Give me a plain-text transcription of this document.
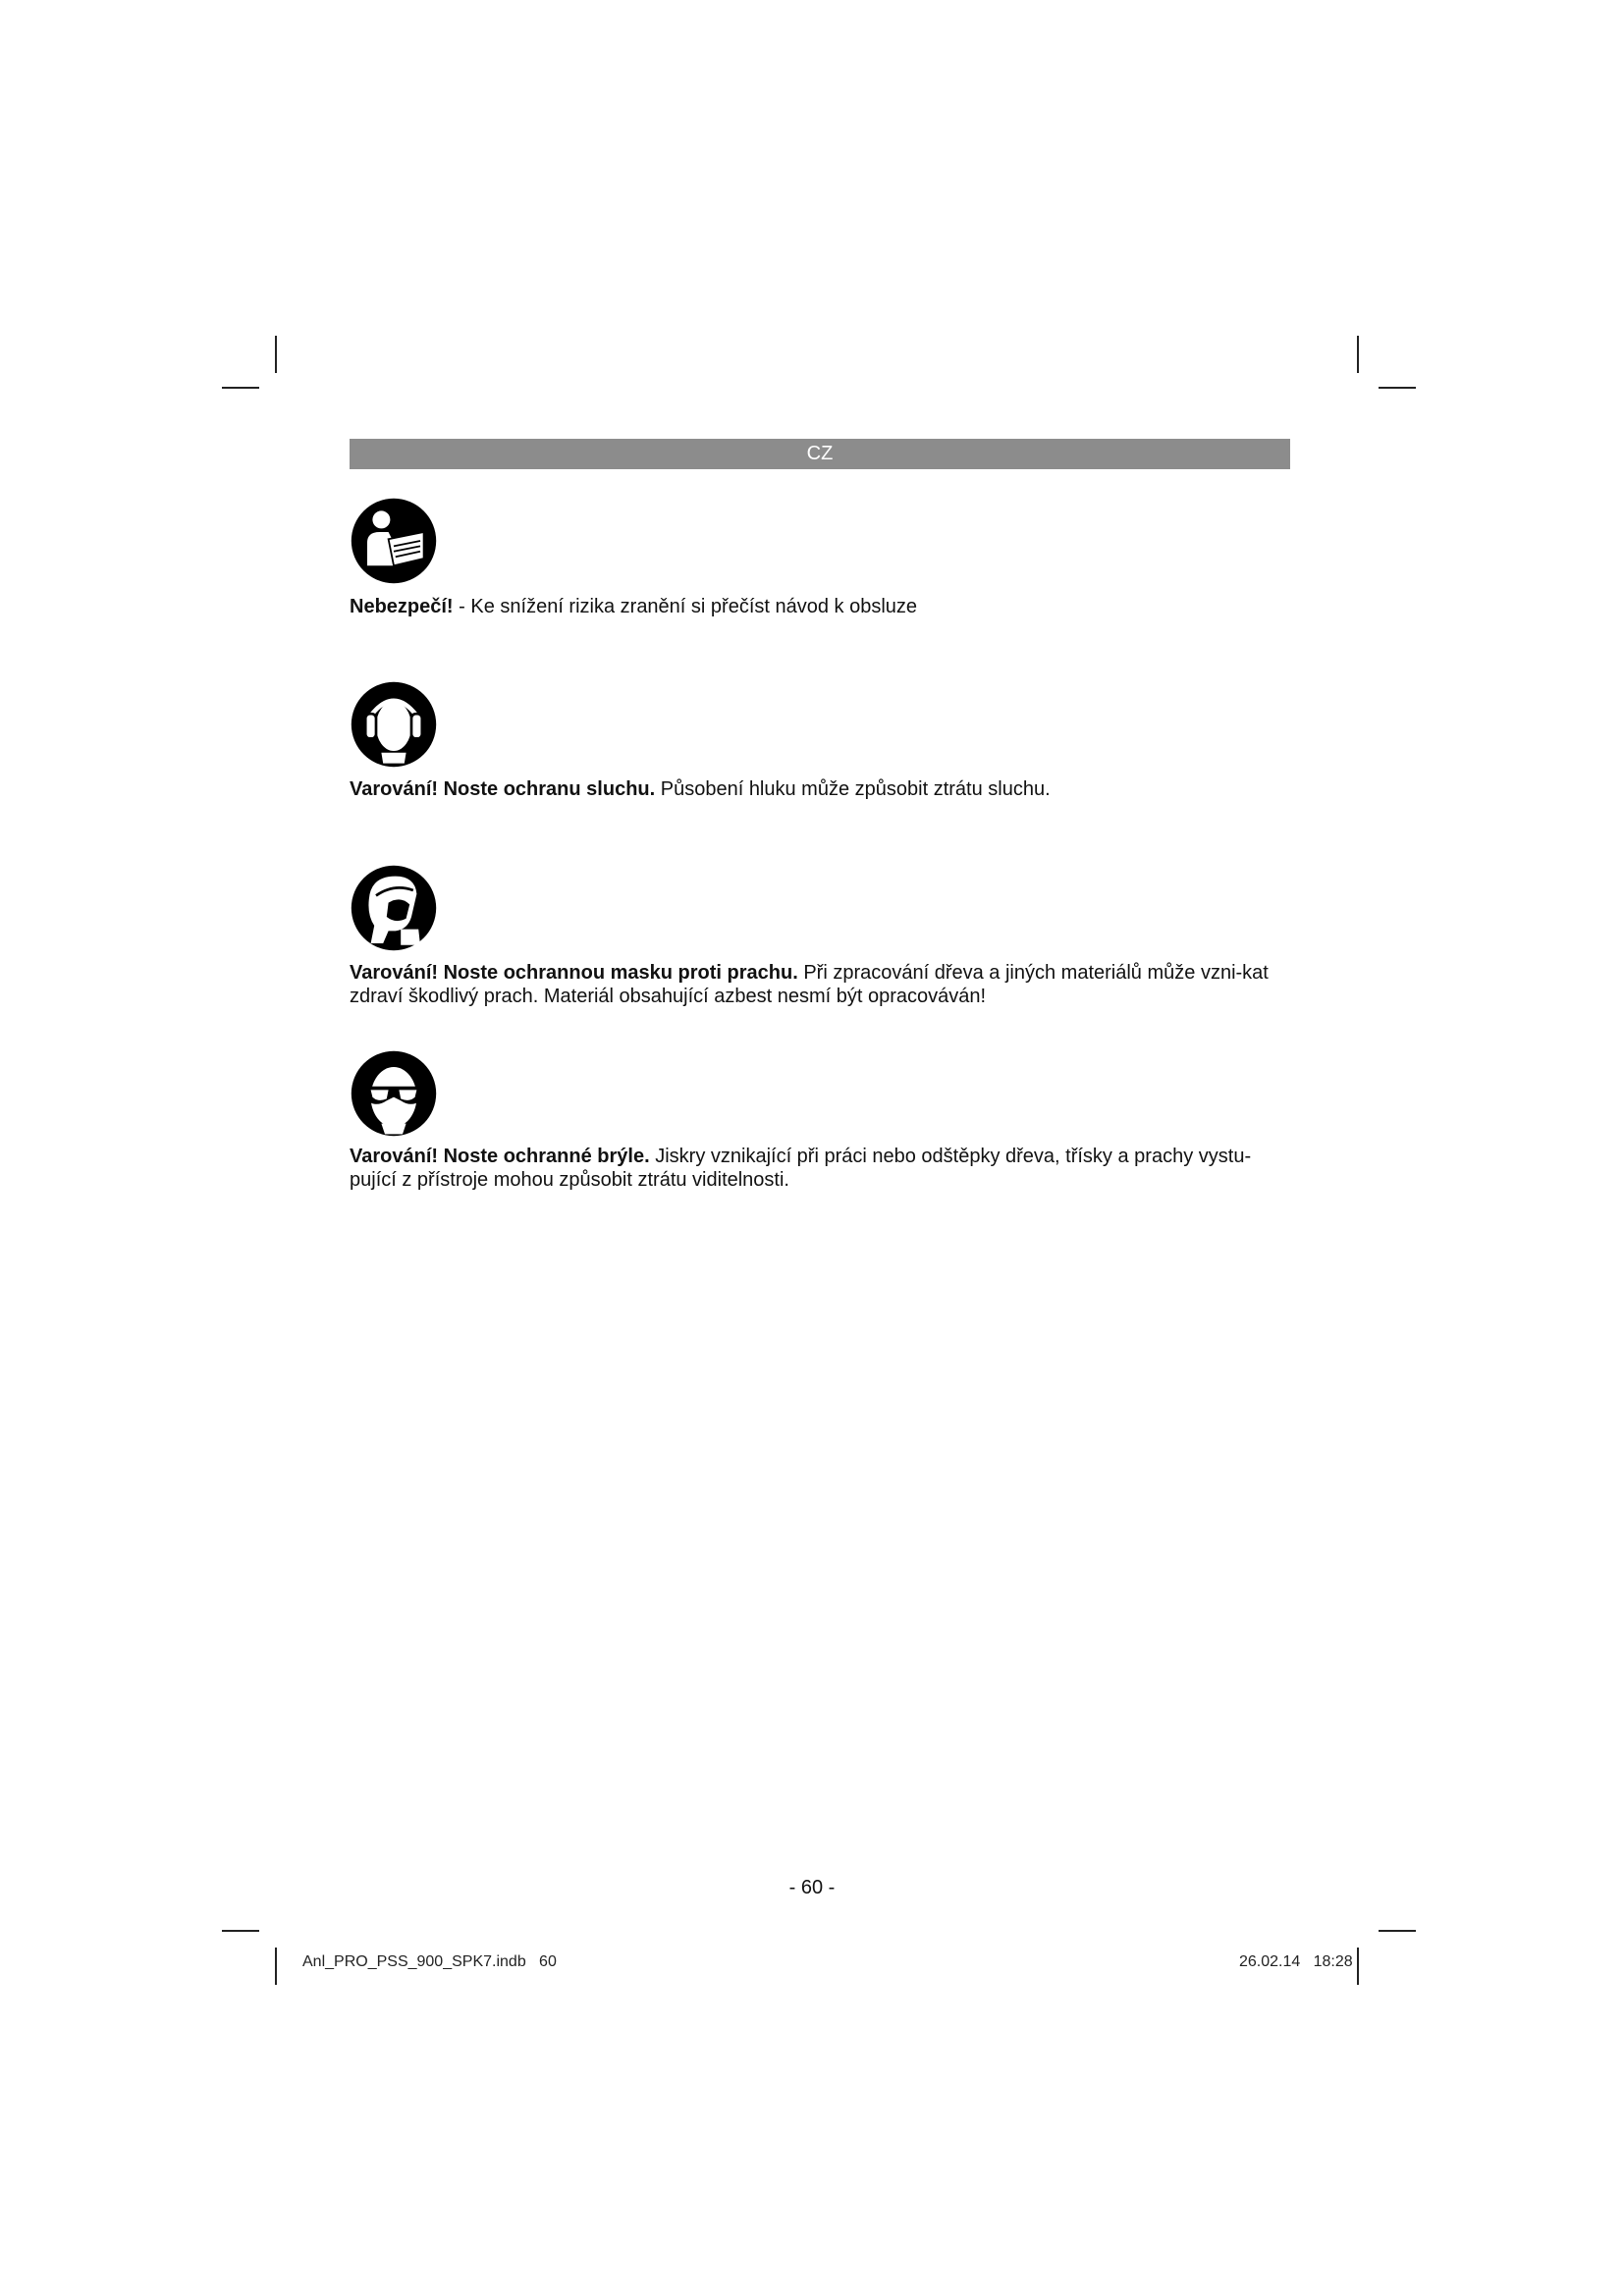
CZ
Nebezpečí! - Ke snížení rizika zranění si přečíst návod k obsluze
Varování! Noste ochranu sluchu. Působení hluku může způsobit ztrátu sluchu.
Varování! Noste ochrannou masku proti prachu. Při zpracování dřeva a jiných materiálů může vzni-kat zdraví škodlivý prach. Materiál obsahující azbest nesmí být opracováván!
Varování! Noste ochranné brýle. Jiskry vznikající při práci nebo odštěpky dřeva, třísky a prachy vystu-pující z přístroje mohou způsobit ztrátu viditelnosti.
- 60 -
Anl_PRO_PSS_900_SPK7.indb   60	26.02.14   18:28
